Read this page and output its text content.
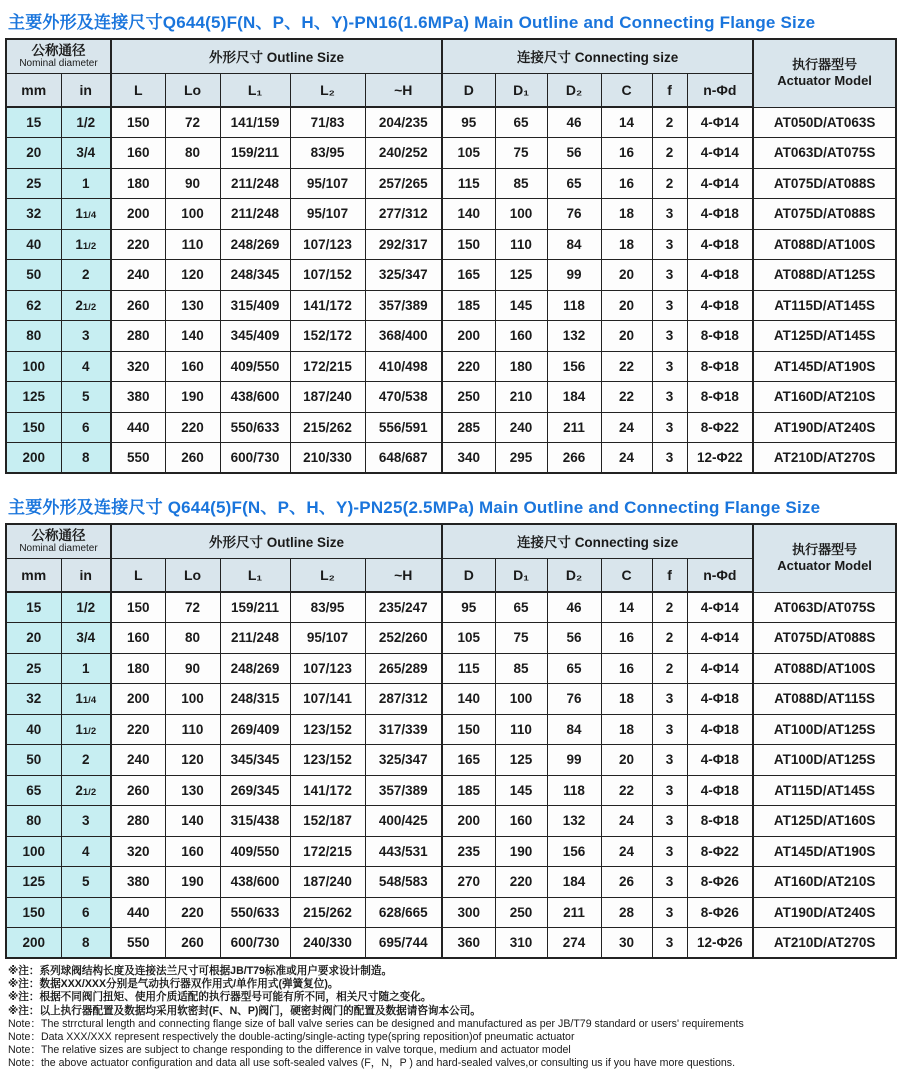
主要外形及连接尺寸Q644(5)F(N、P、H、Y)-PN16(1.6MPa) Main Outline and Connecting Flange Size
公称通径
Nominal diameter	外形尺寸 Outline Size	连接尺寸 Connecting size	执行器型号
Actuator Model

mm	in	L	Lo	L₁	L₂	~H	D	D₁	D₂	C	f	n-Φd	
15	1/2	150	72	141/159	71/83	204/235	95	65	46	14	2	4-Φ14	AT050D/AT063S
20	3/4	160	80	159/211	83/95	240/252	105	75	56	16	2	4-Φ14	AT063D/AT075S
25	1	180	90	211/248	95/107	257/265	115	85	65	16	2	4-Φ14	AT075D/AT088S
32	11/4	200	100	211/248	95/107	277/312	140	100	76	18	3	4-Φ18	AT075D/AT088S
40	11/2	220	110	248/269	107/123	292/317	150	110	84	18	3	4-Φ18	AT088D/AT100S
50	2	240	120	248/345	107/152	325/347	165	125	99	20	3	4-Φ18	AT088D/AT125S
62	21/2	260	130	315/409	141/172	357/389	185	145	118	20	3	4-Φ18	AT115D/AT145S
80	3	280	140	345/409	152/172	368/400	200	160	132	20	3	8-Φ18	AT125D/AT145S
100	4	320	160	409/550	172/215	410/498	220	180	156	22	3	8-Φ18	AT145D/AT190S
125	5	380	190	438/600	187/240	470/538	250	210	184	22	3	8-Φ18	AT160D/AT210S
150	6	440	220	550/633	215/262	556/591	285	240	211	24	3	8-Φ22	AT190D/AT240S
200	8	550	260	600/730	210/330	648/687	340	295	266	24	3	12-Φ22	AT210D/AT270S
主要外形及连接尺寸 Q644(5)F(N、P、H、Y)-PN25(2.5MPa) Main Outline and Connecting Flange Size
公称通径
Nominal diameter	外形尺寸 Outline Size	连接尺寸 Connecting size	执行器型号
Actuator Model

mm	in	L	Lo	L₁	L₂	~H	D	D₁	D₂	C	f	n-Φd	
15	1/2	150	72	159/211	83/95	235/247	95	65	46	14	2	4-Φ14	AT063D/AT075S
20	3/4	160	80	211/248	95/107	252/260	105	75	56	16	2	4-Φ14	AT075D/AT088S
25	1	180	90	248/269	107/123	265/289	115	85	65	16	2	4-Φ14	AT088D/AT100S
32	11/4	200	100	248/315	107/141	287/312	140	100	76	18	3	4-Φ18	AT088D/AT115S
40	11/2	220	110	269/409	123/152	317/339	150	110	84	18	3	4-Φ18	AT100D/AT125S
50	2	240	120	345/345	123/152	325/347	165	125	99	20	3	4-Φ18	AT100D/AT125S
65	21/2	260	130	269/345	141/172	357/389	185	145	118	22	3	4-Φ18	AT115D/AT145S
80	3	280	140	315/438	152/187	400/425	200	160	132	24	3	8-Φ18	AT125D/AT160S
100	4	320	160	409/550	172/215	443/531	235	190	156	24	3	8-Φ22	AT145D/AT190S
125	5	380	190	438/600	187/240	548/583	270	220	184	26	3	8-Φ26	AT160D/AT210S
150	6	440	220	550/633	215/262	628/665	300	250	211	28	3	8-Φ26	AT190D/AT240S
200	8	550	260	600/730	240/330	695/744	360	310	274	30	3	12-Φ26	AT210D/AT270S

※注：系列球阀结构长度及连接法兰尺寸可根据JB/T79标准或用户要求设计制造。

※注：数据XXX/XXX分别是气动执行器双作用式/单作用式(弹簧复位)。

※注：根据不同阀门扭矩、使用介质适配的执行器型号可能有所不同，相关尺寸随之变化。

※注：以上执行器配置及数据均采用软密封(F、N、P)阀门，硬密封阀门的配置及数据请咨询本公司。

Note：The strrctural length and connecting flange size of ball valve series can be designed and manufactured as per JB/T79 standard or users' requirements

Note：Data XXX/XXX represent respectively the double-acting/single-acting type(spring reposition)of pneumatic actuator

Note：The relative sizes are subject to change responding to the difference in valve torque, medium and actuator model

Note：the above actuator configuration and data all use soft-sealed valves (F，N，P ) and hard-sealed valves,or consulting us if you have more questions.
